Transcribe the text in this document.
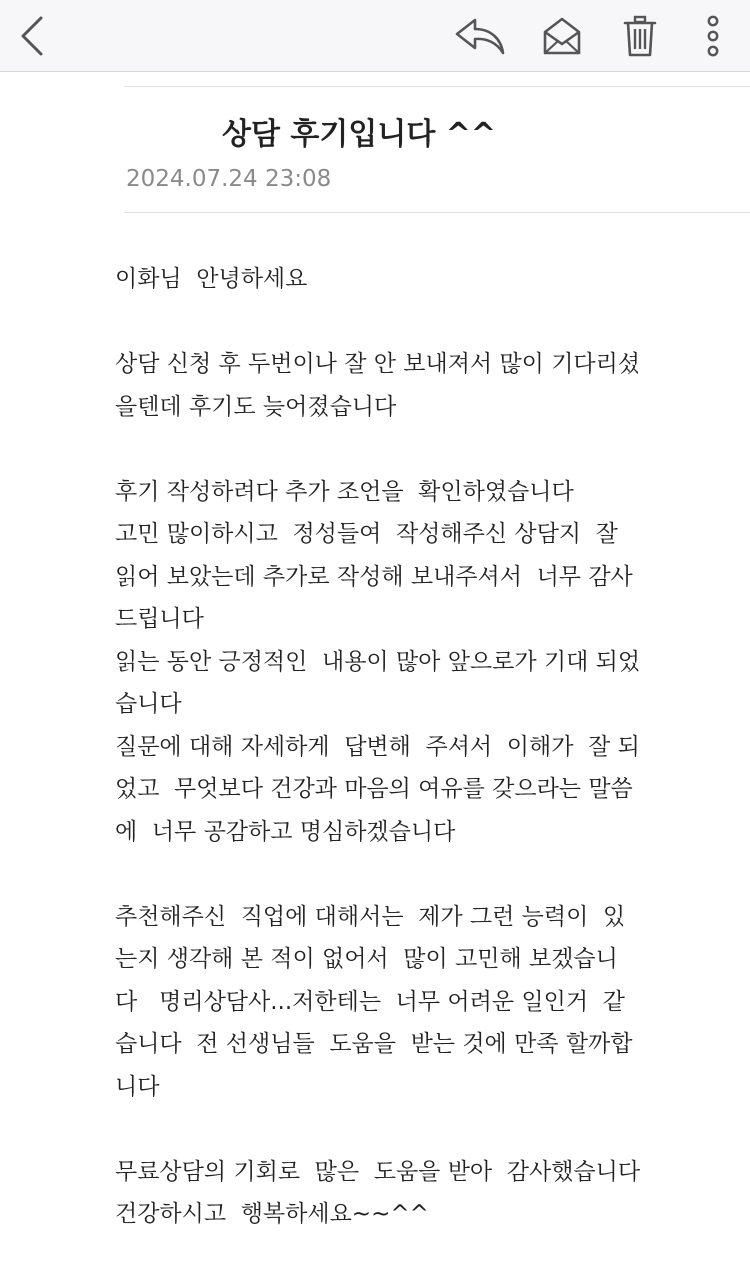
상담 후기입니다 ^^
2024.07.24 23:08
이화님  안녕하세요
상담 신청 후 두번이나 잘 안 보내져서 많이 기다리셨
을텐데 후기도 늦어졌습니다
후기 작성하려다 추가 조언을  확인하였습니다
고민 많이하시고  정성들여  작성해주신 상담지  잘
읽어 보았는데 추가로 작성해 보내주셔서  너무 감사
드립니다
읽는 동안 긍정적인  내용이 많아 앞으로가 기대 되었
습니다
질문에 대해 자세하게  답변해  주셔서  이해가  잘 되
었고  무엇보다 건강과 마음의 여유를 갖으라는 말씀
에  너무 공감하고 명심하겠습니다
추천해주신  직업에 대해서는  제가 그런 능력이  있
는지 생각해 본 적이 없어서  많이 고민해 보겠습니
다   명리상담사...저한테는  너무 어려운 일인거  같
습니다  전 선생님들  도움을  받는 것에 만족 할까합
니다
무료상담의 기회로  많은  도움을 받아  감사했습니다
건강하시고  행복하세요~~^^
